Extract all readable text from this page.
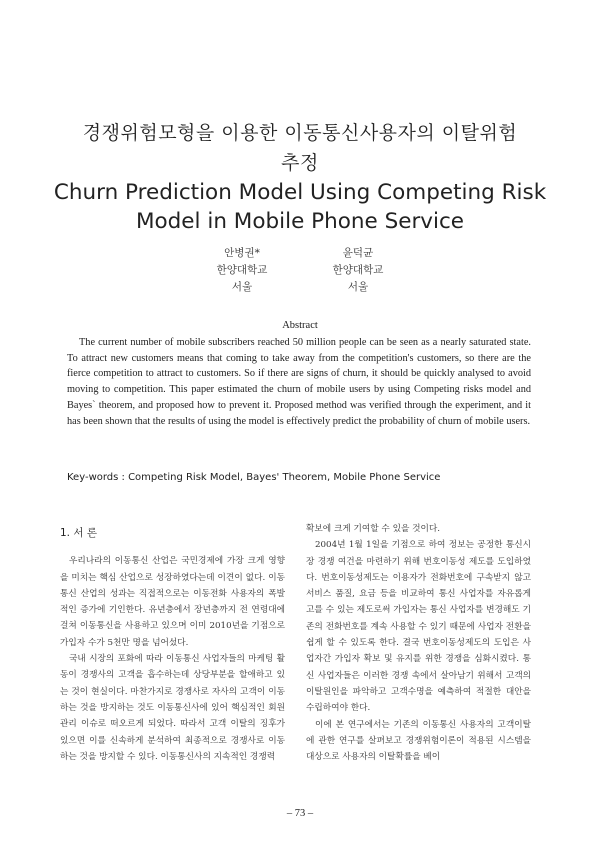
경쟁위험모형을 이용한 이동통신사용자의 이탈위험
추정
Churn Prediction Model Using Competing Risk
Model in Mobile Phone Service
안병권*
한양대학교
서울
윤덕균
한양대학교
서울
Abstract

The current number of mobile subscribers reached 50 million people can be seen as a nearly saturated state. To attract new customers means that coming to take away from the competition's customers, so there are the fierce competition to attract to customers. So if there are signs of churn, it should be quickly analysed to avoid moving to competition. This paper estimated the churn of mobile users by using Competing risks model and Bayes` theorem, and proposed how to prevent it. Proposed method was verified through the experiment, and it has been shown that the results of using the model is effectively predict the probability of churn of mobile users.

Key-words : Competing Risk Model, Bayes' Theorem, Mobile Phone Service
1. 서 론

우리나라의 이동통신 산업은 국민경제에 가장 크게 영향을 미치는 핵심 산업으로 성장하였다는데 이견이 없다. 이동통신 산업의 성과는 직접적으로는 이동전화 사용자의 폭발적인 증가에 기인한다. 유년층에서 장년층까지 전 연령대에 걸쳐 이동통신을 사용하고 있으며 이미 2010년을 기점으로 가입자 수가 5천만 명을 넘어섰다.

국내 시장의 포화에 따라 이동통신 사업자들의 마케팅 활동이 경쟁사의 고객을 흡수하는데 상당부분을 할애하고 있는 것이 현실이다. 마찬가지로 경쟁사로 자사의 고객이 이동하는 것을 방지하는 것도 이동통신사에 있어 핵심적인 회원관리 이슈로 떠오르게 되었다. 따라서 고객 이탈의 징후가 있으면 이를 신속하게 분석하여 최종적으로 경쟁사로 이동하는 것을 방지할 수 있다. 이동통신사의 지속적인 경쟁력

확보에 크게 기여할 수 있을 것이다.

2004년 1월 1일을 기점으로 하여 정보는 공정한 통신시장 경쟁 여건을 마련하기 위해 번호이동성 제도를 도입하였다. 번호이동성제도는 이용자가 전화번호에 구속받지 않고 서비스 품질, 요금 등을 비교하여 통신 사업자를 자유롭게 고를 수 있는 제도로써 가입자는 통신 사업자를 변경해도 기존의 전화번호를 계속 사용할 수 있기 때문에 사업자 전환을 쉽게 할 수 있도록 한다. 결국 번호이동성제도의 도입은 사업자간 가입자 확보 및 유지를 위한 경쟁을 심화시켰다. 통신 사업자들은 이러한 경쟁 속에서 살아남기 위해서 고객의 이탈원인을 파악하고 고객수명을 예측하여 적절한 대안을 수립하여야 한다.

이에 본 연구에서는 기존의 이동통신 사용자의 고객이탈에 관한 연구를 살펴보고 경쟁위험이론이 적용된 시스템을 대상으로 사용자의 이탈확률을 베이

– 73 –
